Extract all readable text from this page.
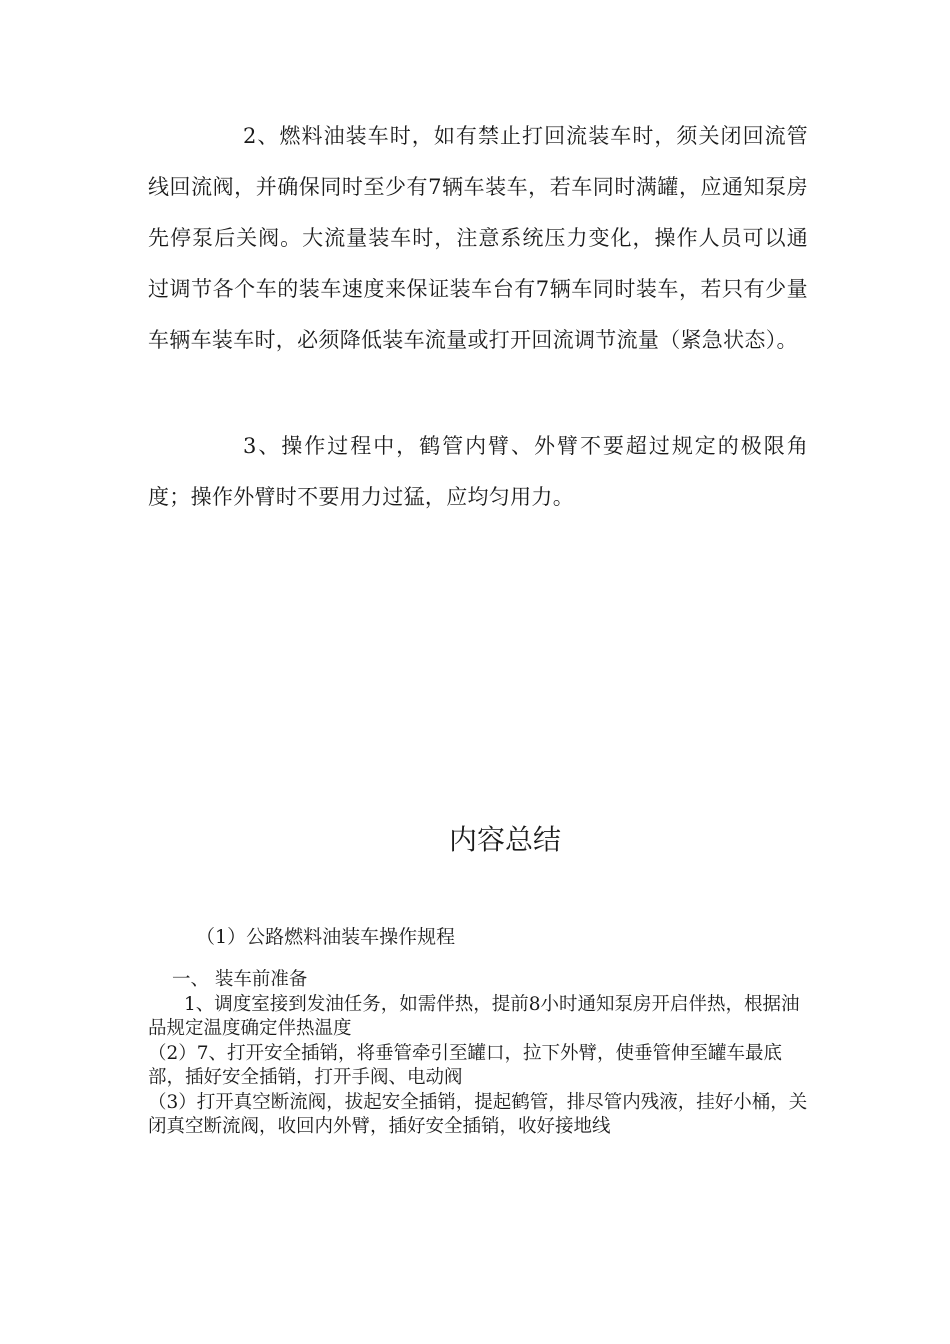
2、燃料油装车时，如有禁止打回流装车时，须关闭回流管线回流阀，并确保同时至少有7辆车装车，若车同时满罐，应通知泵房先停泵后关阀。大流量装车时，注意系统压力变化，操作人员可以通过调节各个车的装车速度来保证装车台有7辆车同时装车，若只有少量车辆车装车时，必须降低装车流量或打开回流调节流量（紧急状态）。

3、操作过程中，鹤管内臂、外臂不要超过规定的极限角度；操作外臂时不要用力过猛，应均匀用力。

内容总结

（1）公路燃料油装车操作规程

一、 装车前准备

1、调度室接到发油任务，如需伴热，提前8小时通知泵房开启伴热，根据油品规定温度确定伴热温度

（2）7、打开安全插销，将垂管牵引至罐口，拉下外臂，使垂管伸至罐车最底部，插好安全插销，打开手阀、电动阀

（3）打开真空断流阀，拔起安全插销，提起鹤管，排尽管内残液，挂好小桶，关闭真空断流阀，收回内外臂，插好安全插销，收好接地线
